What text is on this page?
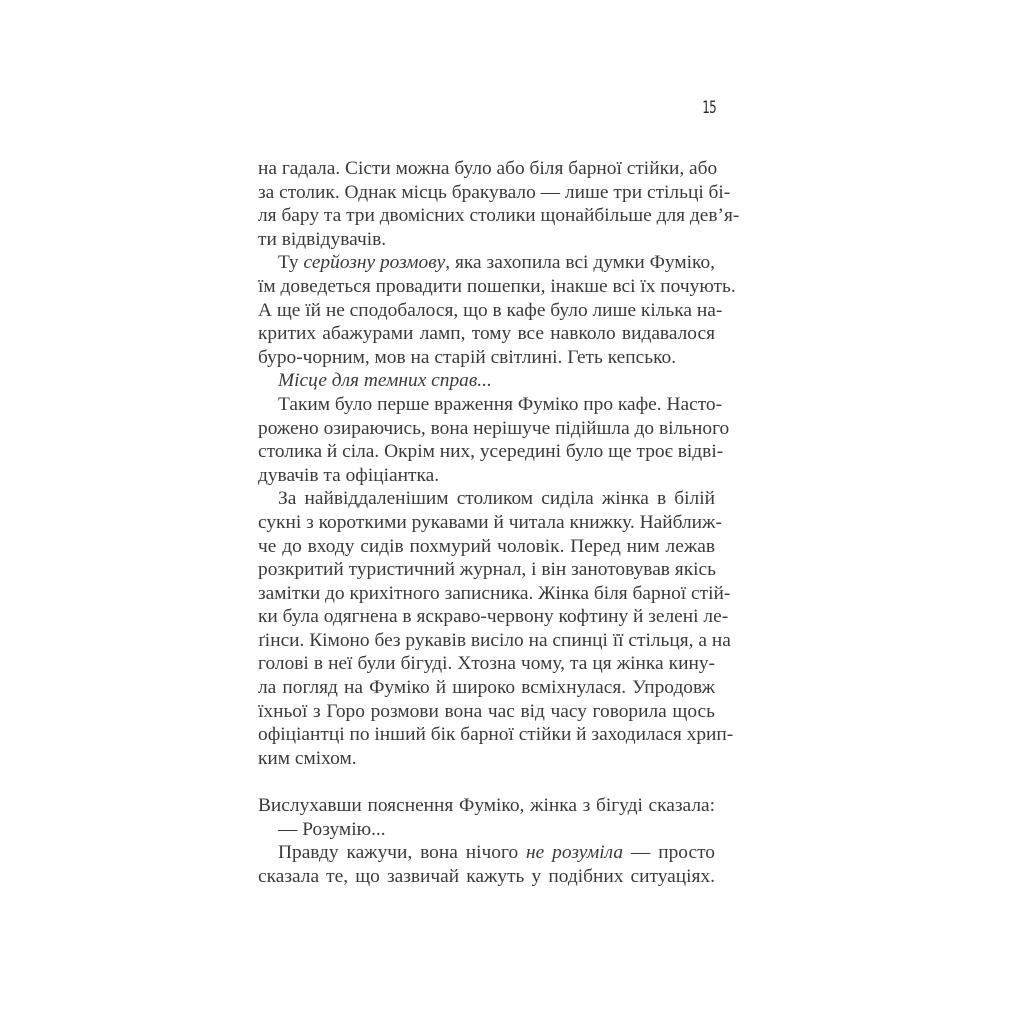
15
на гадала. Сісти можна було або біля барної стійки, або
за столик. Однак місць бракувало — лише три стільці бі-
ля бару та три двомісних столики щонайбільше для дев’я-
ти відвідувачів.
Ту серйозну розмову, яка захопила всі думки Фуміко,
їм доведеться провадити пошепки, інакше всі їх почують.
А ще їй не сподобалося, що в кафе було лише кілька на-
критих абажурами ламп, тому все навколо видавалося
буро-чорним, мов на старій світлині. Геть кепсько.
Місце для темних справ...
Таким було перше враження Фуміко про кафе. Насто-
рожено озираючись, вона нерішуче підійшла до вільного
столика й сіла. Окрім них, усередині було ще троє відві-
дувачів та офіціантка.
За найвіддаленішим столиком сиділа жінка в білій
сукні з короткими рукавами й читала книжку. Найближ-
че до входу сидів похмурий чоловік. Перед ним лежав
розкритий туристичний журнал, і він занотовував якісь
замітки до крихітного записника. Жінка біля барної стій-
ки була одягнена в яскраво-червону кофтину й зелені ле-
ґінси. Кімоно без рукавів висіло на спинці її стільця, а на
голові в неї були бігуді. Хтозна чому, та ця жінка кину-
ла погляд на Фуміко й широко всміхнулася. Упродовж
їхньої з Горо розмови вона час від часу говорила щось
офіціантці по інший бік барної стійки й заходилася хрип-
ким сміхом.
Вислухавши пояснення Фуміко, жінка з бігуді сказала:
— Розумію...
Правду кажучи, вона нічого не розуміла — просто
сказала те, що зазвичай кажуть у подібних ситуаціях.
